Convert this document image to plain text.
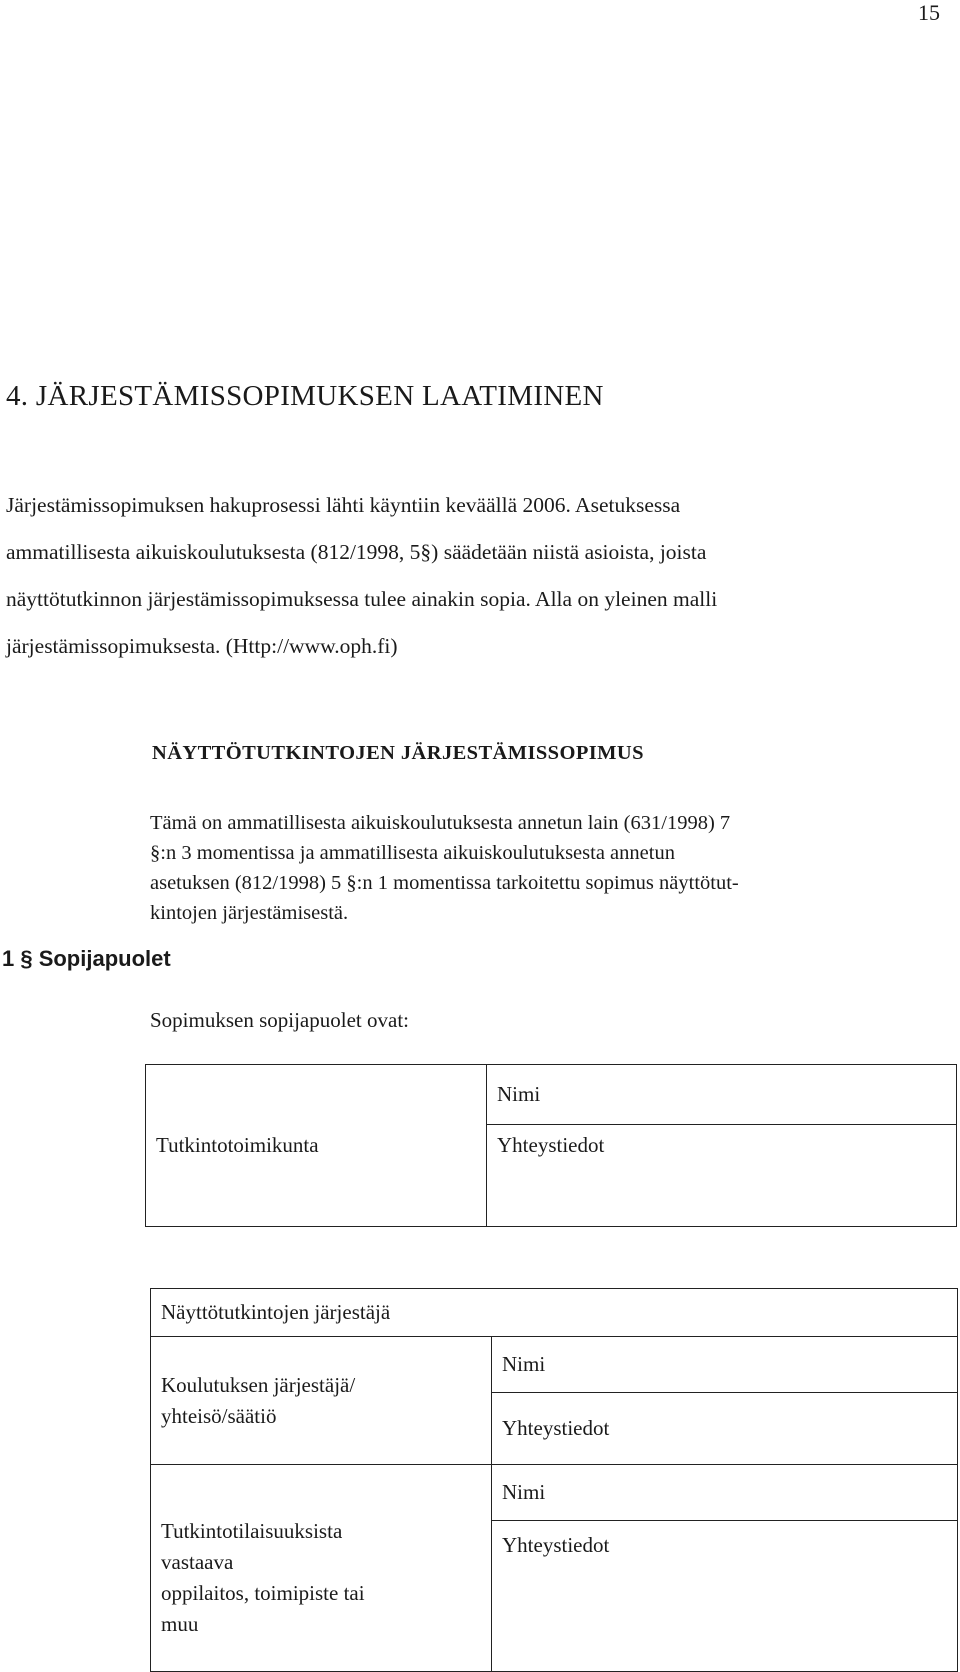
15
4. JÄRJESTÄMISSOPIMUKSEN LAATIMINEN
Järjestämissopimuksen hakuprosessi lähti käyntiin keväällä 2006. Asetuksessa
ammatillisesta aikuiskoulutuksesta (812/1998, 5§) säädetään niistä asioista, joista
näyttötutkinnon järjestämissopimuksessa tulee ainakin sopia. Alla on yleinen malli
järjestämissopimuksesta. (Http://www.oph.fi)
NÄYTTÖTUTKINTOJEN JÄRJESTÄMISSOPIMUS
Tämä on ammatillisesta aikuiskoulutuksesta annetun lain (631/1998) 7
§:n 3 momentissa ja ammatillisesta aikuiskoulutuksesta annetun
asetuksen (812/1998) 5 §:n 1 momentissa tarkoitettu sopimus näyttötut-
kintojen järjestämisestä.
1 § Sopijapuolet
Sopimuksen sopijapuolet ovat:
Tutkintotoimikunta	Nimi
Yhteystiedot

Näyttötutkintojen järjestäjä	

Koulutuksen järjestäjä/
yhteisö/säätiö	Nimi
	Yhteystiedot

Tutkintotilaisuuksista
vastaava
oppilaitos, toimipiste tai
muu	Nimi
	Yhteystiedot
